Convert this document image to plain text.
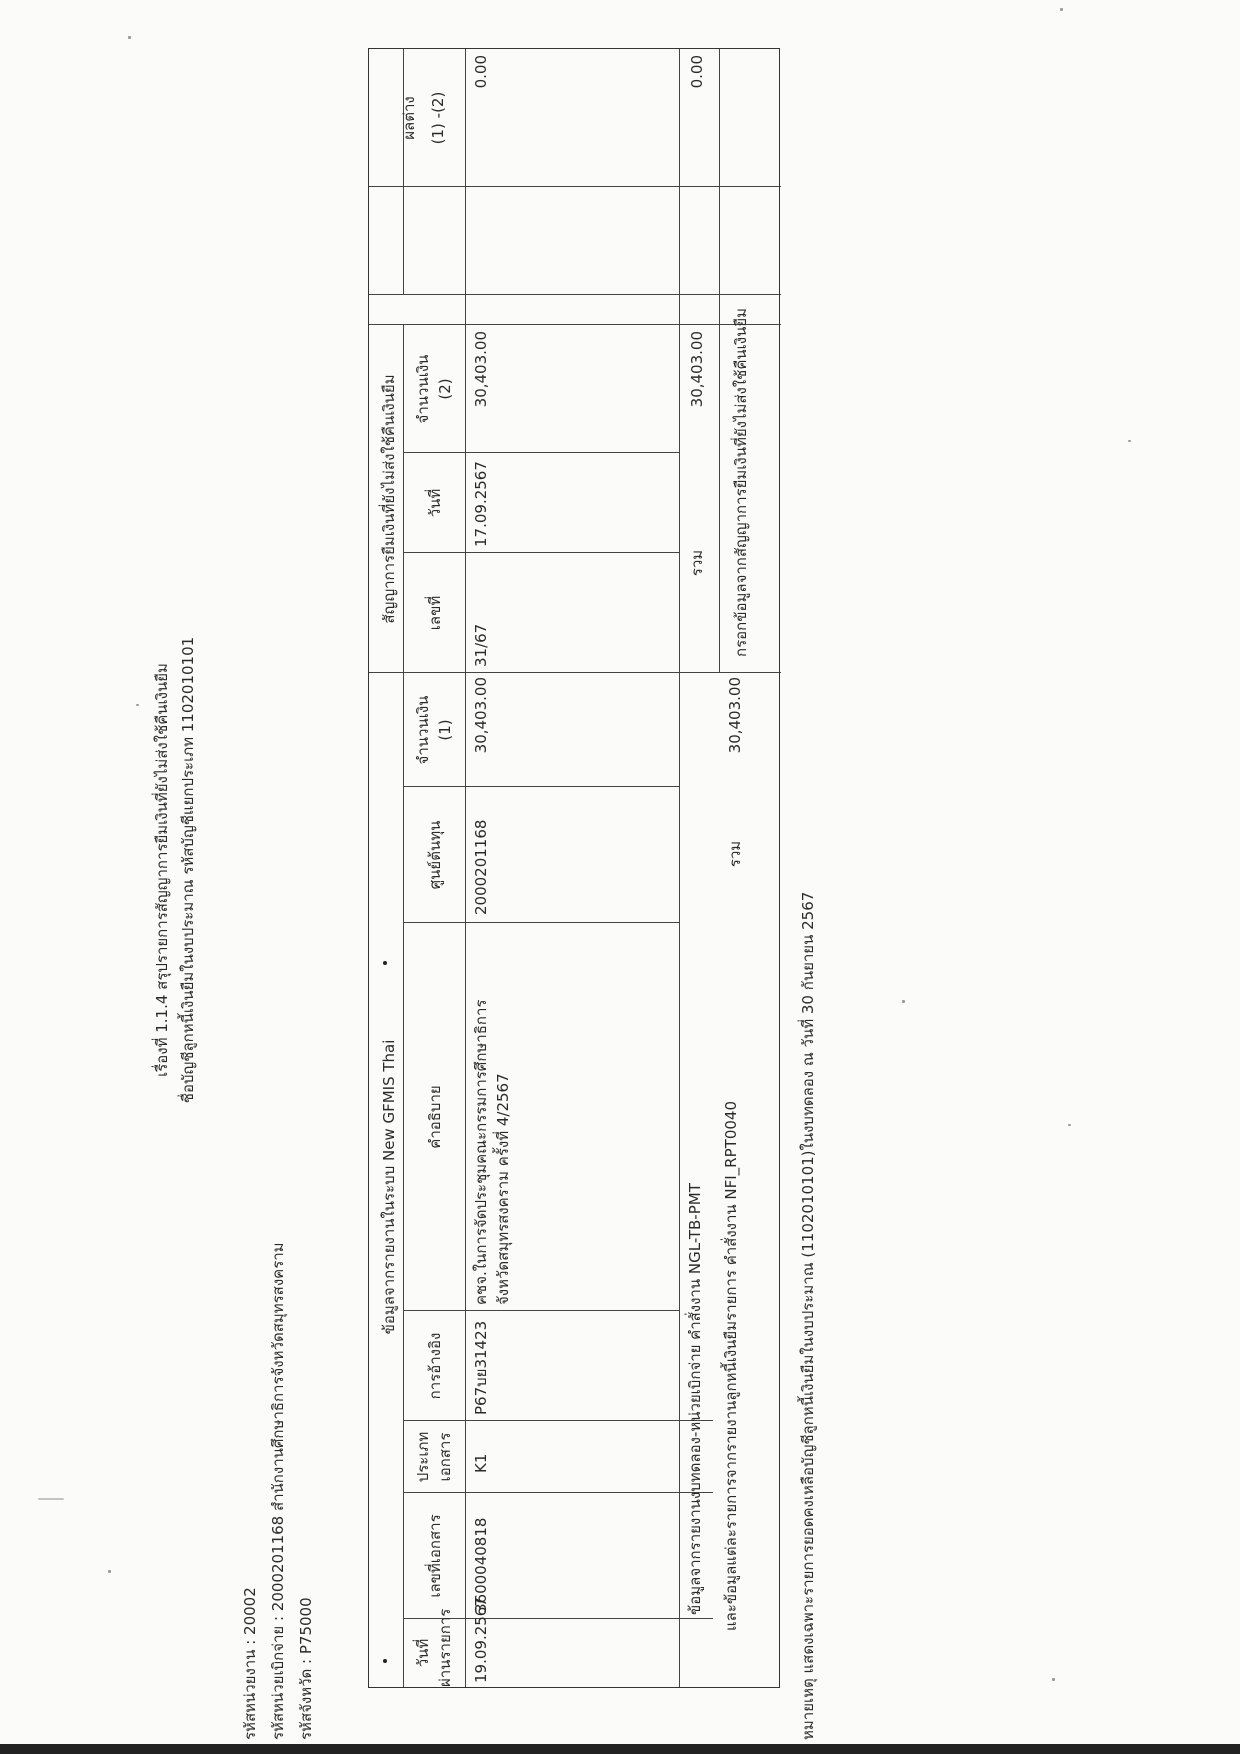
เรื่องที่ 1.1.4 สรุปรายการสัญญาการยืมเงินที่ยังไม่ส่งใช้คืนเงินยืม ชื่อบัญชีลูกหนี้เงินยืมในงบประมาณ รหัสบัญชีแยกประเภท 1102010101
รหัสหน่วยงาน : 20002 รหัสหน่วยเบิกจ่าย : 2000201168 สำนักงานศึกษาธิการจังหวัดสมุทรสงคราม รหัสจังหวัด : P75000
ข้อมูลจากรายงานในระบบ New GFMIS Thai
สัญญาการยืมเงินที่ยังไม่ส่งใช้คืนเงินยืม
ผลต่าง (1) -(2)
วันที่ ผ่านรายการ
เลขที่เอกสาร
ประเภท เอกสาร
การอ้างอิง
คำอธิบาย
ศูนย์ต้นทุน
จำนวนเงิน (1)
เลขที่
วันที่
จำนวนเงิน (2)
19.09.2567
3600040818
K1
P67บย31423
คชจ.ในการจัดประชุมคณะกรรมการศึกษาธิการ จังหวัดสมุทรสงคราม ครั้งที่ 4/2567
2000201168
30,403.00
31/67
17.09.2567
30,403.00
0.00
ข้อมูลจากรายงานงบทดลอง-หน่วยเบิกจ่าย คำสั่งงาน NGL-TB-PMT และข้อมูลแต่ละรายการจากรายงานลูกหนี้เงินยืมรายการ คำสั่งงาน NFI_RPT0040
รวม
30,403.00
รวม
30,403.00
0.00
กรอกข้อมูลจากสัญญาการยืมเงินที่ยังไม่ส่งใช้คืนเงินยืม
หมายเหตุ แสดงเฉพาะรายการยอดคงเหลือบัญชีลูกหนี้เงินยืมในงบประมาณ (1102010101)ในงบทดลอง ณ วันที่ 30 กันยายน 2567
